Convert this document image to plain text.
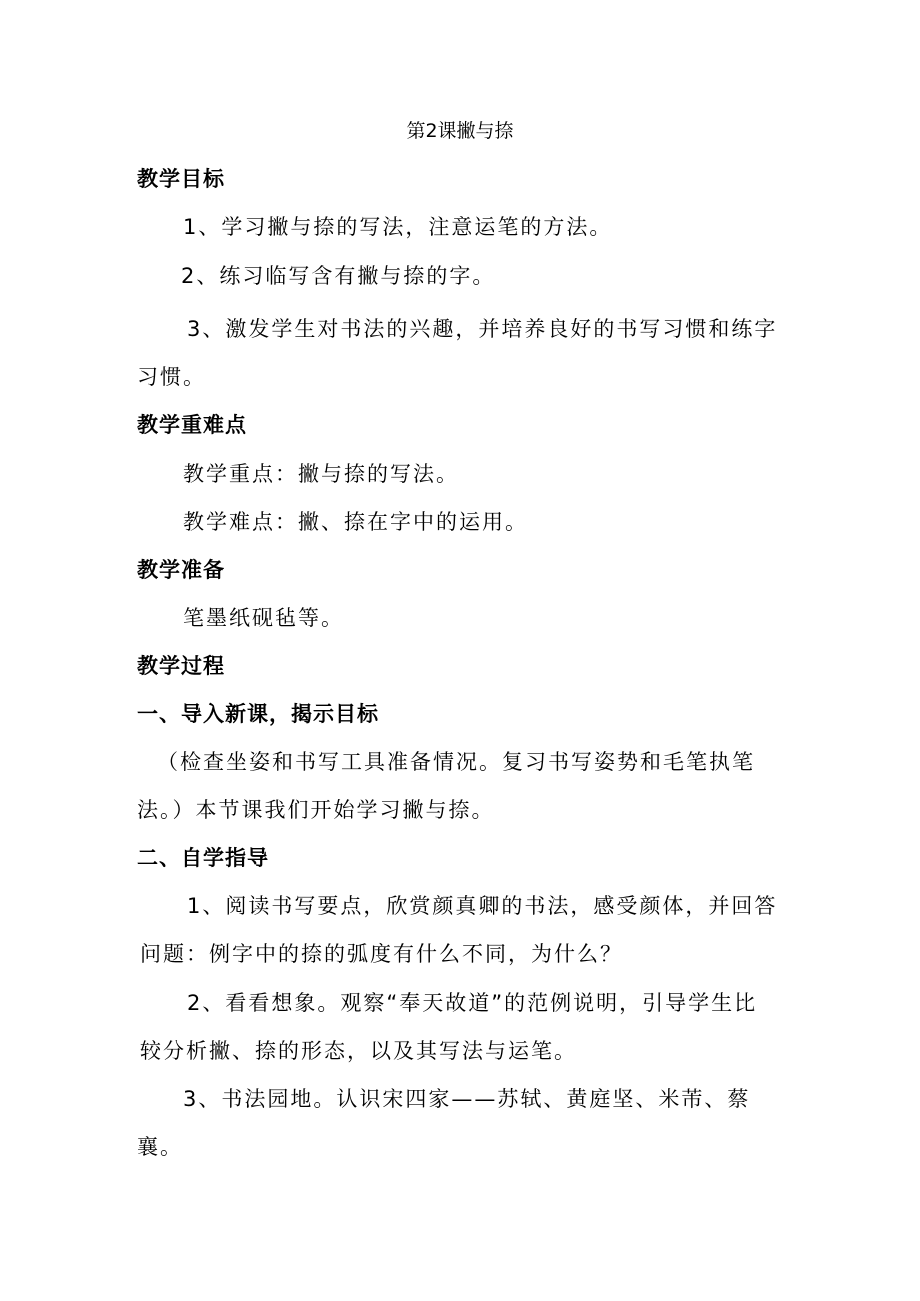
第2课撇与捺
教学目标
1、学习撇与捺的写法，注意运笔的方法。
2、练习临写含有撇与捺的字。
3、激发学生对书法的兴趣，并培养良好的书写习惯和练字
习惯。
教学重难点
教学重点：撇与捺的写法。
教学难点：撇、捺在字中的运用。
教学准备
笔墨纸砚毡等。
教学过程
一、导入新课，揭示目标
（检查坐姿和书写工具准备情况。复习书写姿势和毛笔执笔
法。）本节课我们开始学习撇与捺。
二、自学指导
1、阅读书写要点，欣赏颜真卿的书法，感受颜体，并回答
问题：例字中的捺的弧度有什么不同，为什么？
2、看看想象。观察“奉天故道”的范例说明，引导学生比
较分析撇、捺的形态，以及其写法与运笔。
3、书法园地。认识宋四家——苏轼、黄庭坚、米芾、蔡
襄。
